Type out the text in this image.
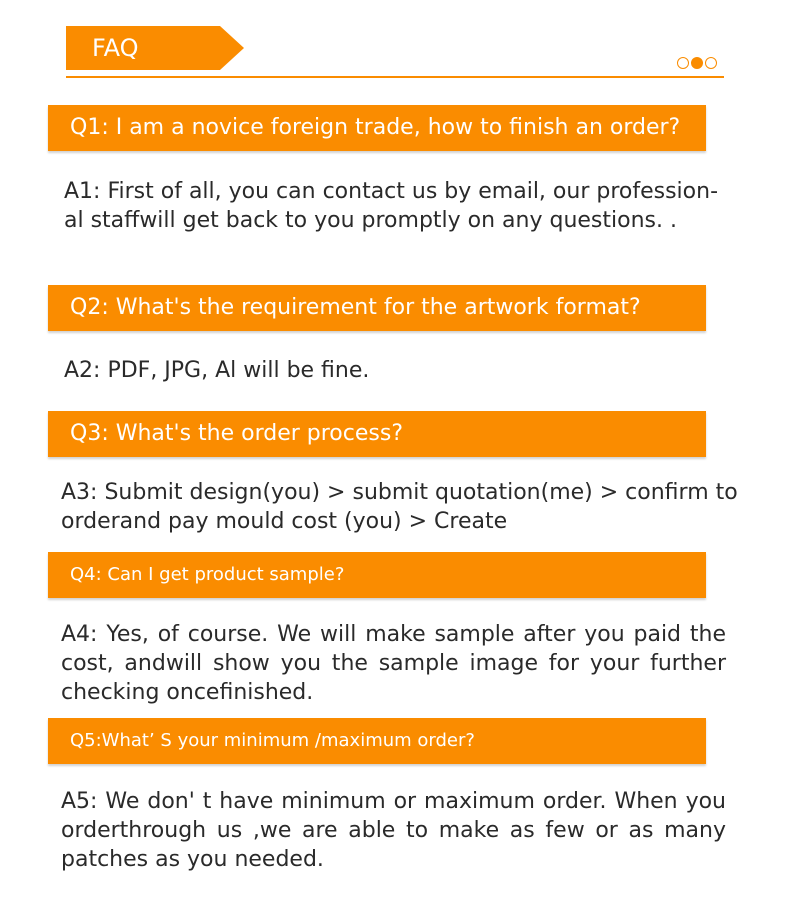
FAQ
Q1: I am a novice foreign trade, how to finish an order?
A1: First of all, you can contact us by email, our profession-
al staffwill get back to you promptly on any questions. .
Q2: What's the requirement for the artwork format?
A2: PDF, JPG, Al will be fine.
Q3: What's the order process?
A3: Submit design(you) > submit quotation(me) > confirm to
orderand pay mould cost (you) > Create
Q4: Can I get product sample?
A4: Yes, of course. We will make sample after you paid the
cost, andwill show you the sample image for your further
checking oncefinished.
Q5:What’ S your minimum /maximum order?
A5: We don' t have minimum or maximum order. When you
orderthrough us ,we are able to make as few or as many
patches as you needed.
